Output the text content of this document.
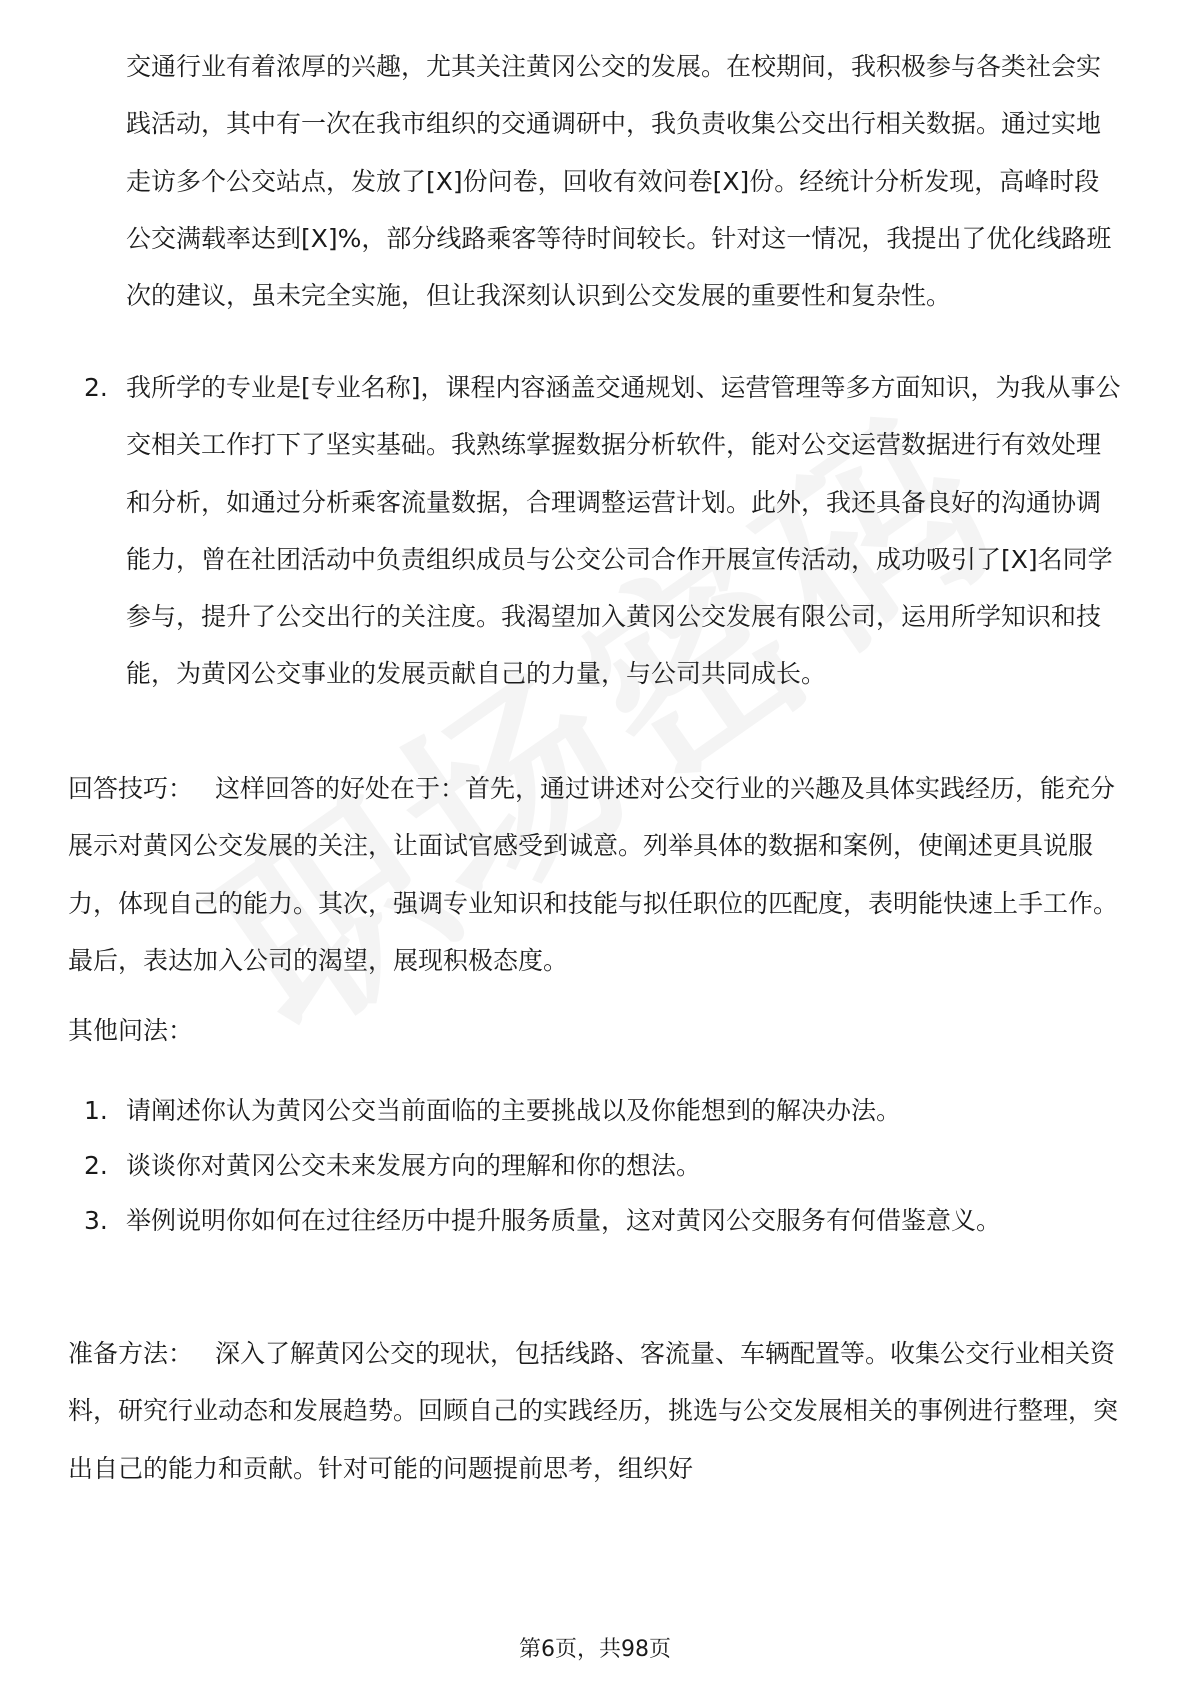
交通行业有着浓厚的兴趣，尤其关注黄冈公交的发展。在校期间，我积极参与各类社会实践活动，其中有一次在我市组织的交通调研中，我负责收集公交出行相关数据。通过实地走访多个公交站点，发放了[X]份问卷，回收有效问卷[X]份。经统计分析发现，高峰时段公交满载率达到[X]%，部分线路乘客等待时间较长。针对这一情况，我提出了优化线路班次的建议，虽未完全实施，但让我深刻认识到公交发展的重要性和复杂性。
2. 我所学的专业是[专业名称]，课程内容涵盖交通规划、运营管理等多方面知识，为我从事公交相关工作打下了坚实基础。我熟练掌握数据分析软件，能对公交运营数据进行有效处理和分析，如通过分析乘客流量数据，合理调整运营计划。此外，我还具备良好的沟通协调能力，曾在社团活动中负责组织成员与公交公司合作开展宣传活动，成功吸引了[X]名同学参与，提升了公交出行的关注度。我渴望加入黄冈公交发展有限公司，运用所学知识和技能，为黄冈公交事业的发展贡献自己的力量，与公司共同成长。
回答技巧： 这样回答的好处在于：首先，通过讲述对公交行业的兴趣及具体实践经历，能充分展示对黄冈公交发展的关注，让面试官感受到诚意。列举具体的数据和案例，使阐述更具说服力，体现自己的能力。其次，强调专业知识和技能与拟任职位的匹配度，表明能快速上手工作。最后，表达加入公司的渴望，展现积极态度。
其他问法：
1. 请阐述你认为黄冈公交当前面临的主要挑战以及你能想到的解决办法。
2. 谈谈你对黄冈公交未来发展方向的理解和你的想法。
3. 举例说明你如何在过往经历中提升服务质量，这对黄冈公交服务有何借鉴意义。
准备方法： 深入了解黄冈公交的现状，包括线路、客流量、车辆配置等。收集公交行业相关资料，研究行业动态和发展趋势。回顾自己的实践经历，挑选与公交发展相关的事例进行整理，突出自己的能力和贡献。针对可能的问题提前思考，组织好
第6页，共98页
